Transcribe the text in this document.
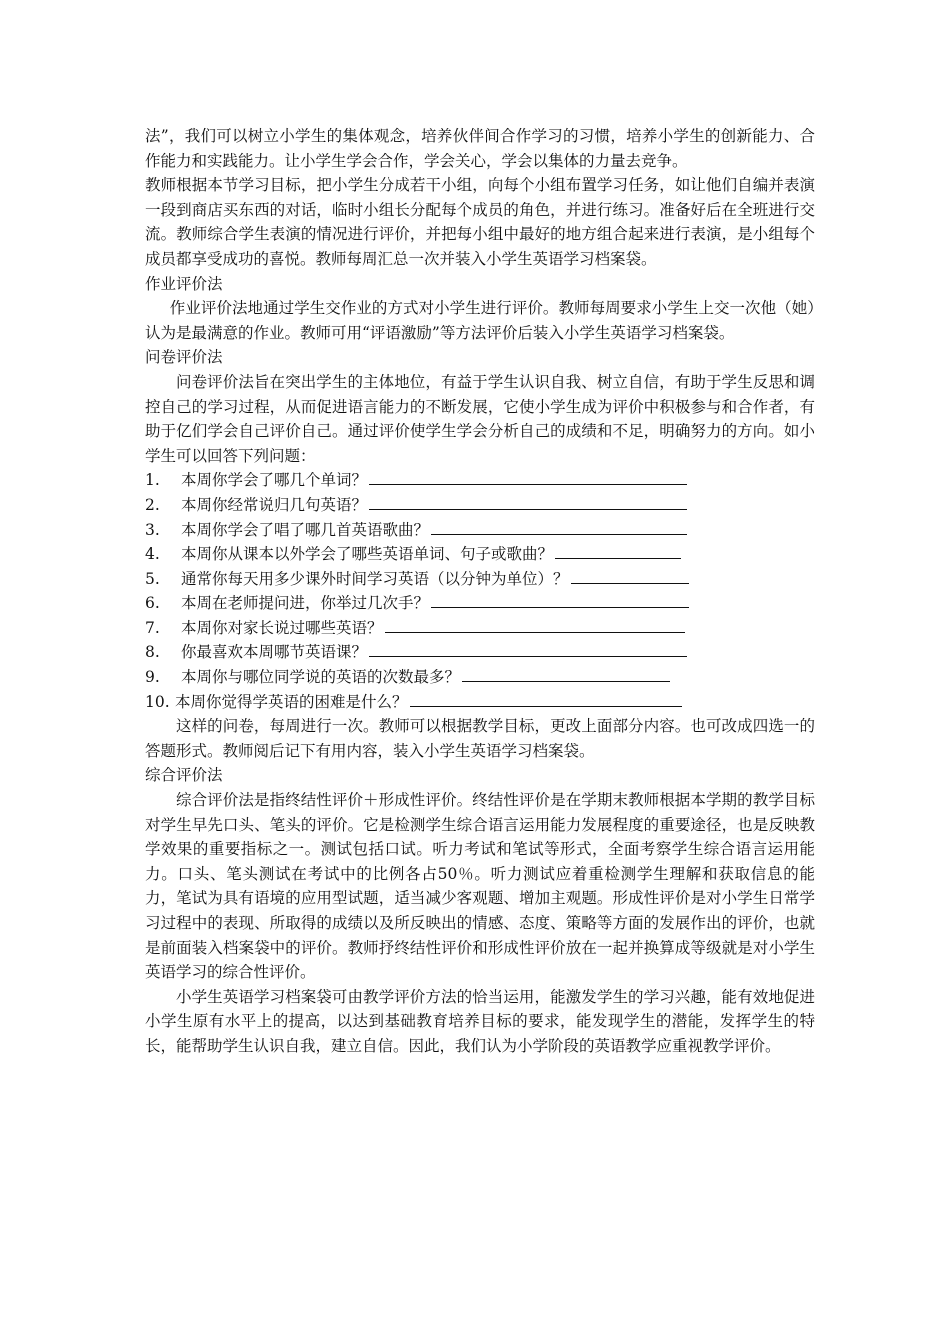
法”，我们可以树立小学生的集体观念，培养伙伴间合作学习的习惯，培养小学生的创新能力、合作能力和实践能力。让小学生学会合作，学会关心，学会以集体的力量去竞争。

教师根据本节学习目标，把小学生分成若干小组，向每个小组布置学习任务，如让他们自编并表演一段到商店买东西的对话，临时小组长分配每个成员的角色，并进行练习。准备好后在全班进行交流。教师综合学生表演的情况进行评价，并把每小组中最好的地方组合起来进行表演，是小组每个成员都享受成功的喜悦。教师每周汇总一次并装入小学生英语学习档案袋。

作业评价法

作业评价法地通过学生交作业的方式对小学生进行评价。教师每周要求小学生上交一次他（她）认为是最满意的作业。教师可用“评语激励”等方法评价后装入小学生英语学习档案袋。

问卷评价法

问卷评价法旨在突出学生的主体地位，有益于学生认识自我、树立自信，有助于学生反思和调控自己的学习过程，从而促进语言能力的不断发展，它使小学生成为评价中积极参与和合作者，有助于亿们学会自己评价自己。通过评价使学生学会分析自己的成绩和不足，明确努力的方向。如小学生可以回答下列问题：

1.	本周你学会了哪几个单词？
2.	本周你经常说归几句英语？
3.	本周你学会了唱了哪几首英语歌曲？
4.	本周你从课本以外学会了哪些英语单词、句子或歌曲？
5.	通常你每天用多少课外时间学习英语（以分钟为单位）？
6.	本周在老师提问进，你举过几次手？
7.	本周你对家长说过哪些英语？
8.	你最喜欢本周哪节英语课？
9.	本周你与哪位同学说的英语的次数最多？
10. 本周你觉得学英语的困难是什么？

这样的问卷，每周进行一次。教师可以根据教学目标，更改上面部分内容。也可改成四选一的答题形式。教师阅后记下有用内容，装入小学生英语学习档案袋。

综合评价法

综合评价法是指终结性评价＋形成性评价。终结性评价是在学期末教师根据本学期的教学目标对学生早先口头、笔头的评价。它是检测学生综合语言运用能力发展程度的重要途径，也是反映教学效果的重要指标之一。测试包括口试。听力考试和笔试等形式，全面考察学生综合语言运用能力。口头、笔头测试在考试中的比例各占50％。听力测试应着重检测学生理解和获取信息的能力，笔试为具有语境的应用型试题，适当减少客观题、增加主观题。形成性评价是对小学生日常学习过程中的表现、所取得的成绩以及所反映出的情感、态度、策略等方面的发展作出的评价，也就是前面装入档案袋中的评价。教师抒终结性评价和形成性评价放在一起并换算成等级就是对小学生英语学习的综合性评价。

小学生英语学习档案袋可由教学评价方法的恰当运用，能激发学生的学习兴趣，能有效地促进小学生原有水平上的提高，以达到基础教育培养目标的要求，能发现学生的潜能，发挥学生的特长，能帮助学生认识自我，建立自信。因此，我们认为小学阶段的英语教学应重视教学评价。
